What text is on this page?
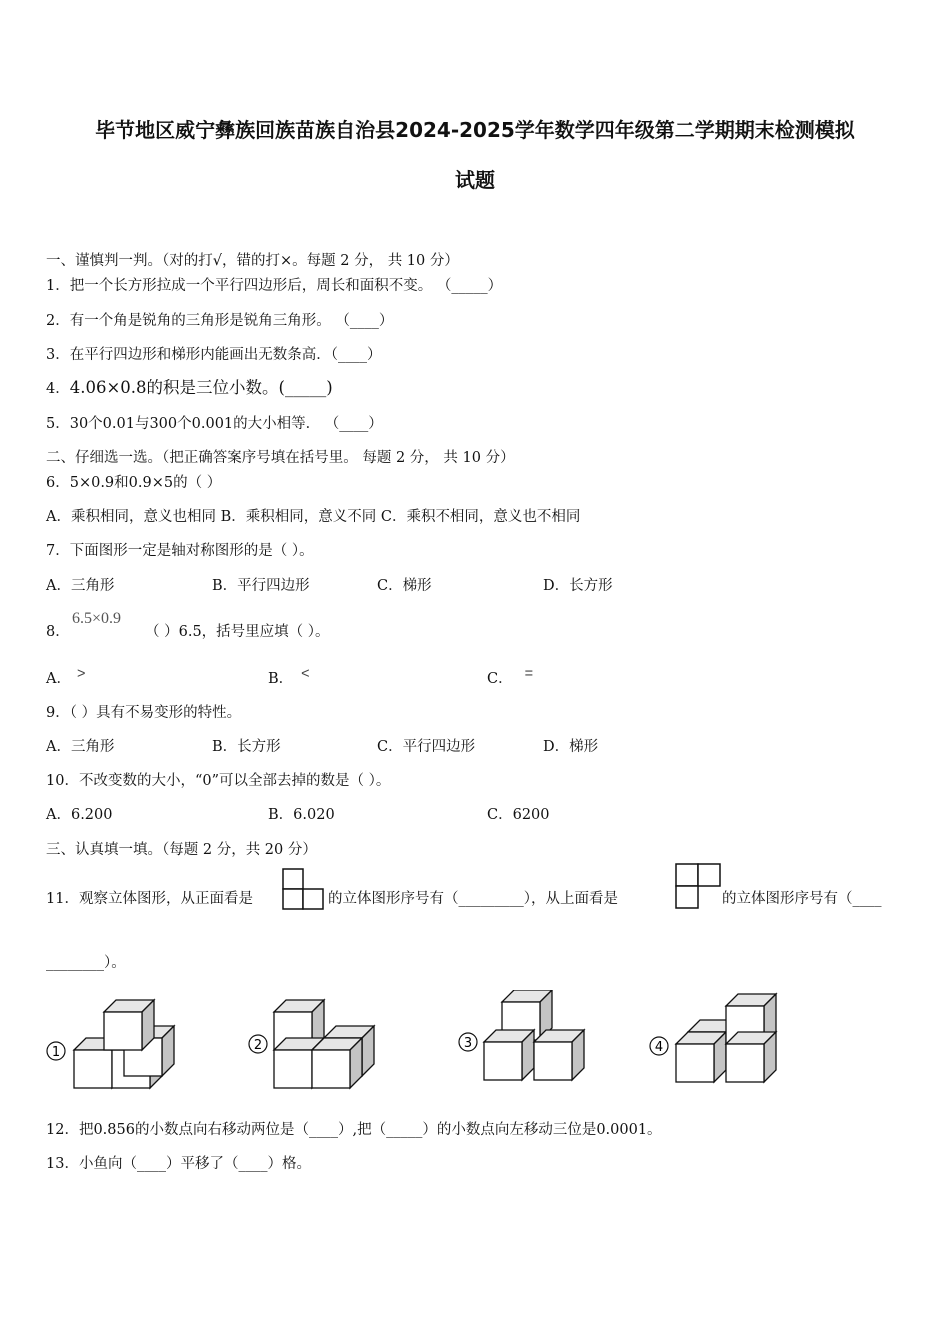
毕节地区威宁彝族回族苗族自治县2024-2025学年数学四年级第二学期期末检测模拟
试题
一、谨慎判一判。（对的打√，错的打×。每题 2 分， 共 10 分）
1．把一个长方形拉成一个平行四边形后，周长和面积不变。 （_____）
2．有一个角是锐角的三角形是锐角三角形。 （____）
3．在平行四边形和梯形内能画出无数条高．（____）
4．4.06×0.8的积是三位小数。(_____)
5．30个0.01与300个0.001的大小相等． （____）
二、仔细选一选。（把正确答案序号填在括号里。 每题 2 分， 共 10 分）
6．5×0.9和0.9×5的（ ）
A．乘积相同，意义也相同 B．乘积相同，意义不同 C．乘积不相同，意义也不相同
7．下面图形一定是轴对称图形的是（ ）。
A．三角形	B．平行四边形	C．梯形	D．长方形
6.5×0.9
8．	（ ）6.5，括号里应填（ ）。
A． >	B． <	C． =
9．（ ）具有不易变形的特性。
A．三角形	B．长方形	C．平行四边形	D．梯形
10．不改变数的大小，“0”可以全部去掉的数是（ ）。
A．6.200	B．6.020	C．6200
三、认真填一填。（每题 2 分，共 20 分）
11．观察立体图形，从正面看是	的立体图形序号有（_________），从上面看是	的立体图形序号有（____
________）。
1	2	3	4
12．把0.856的小数点向右移动两位是（____）,把（_____）的小数点向左移动三位是0.0001。
13．小鱼向（____）平移了（____）格。
